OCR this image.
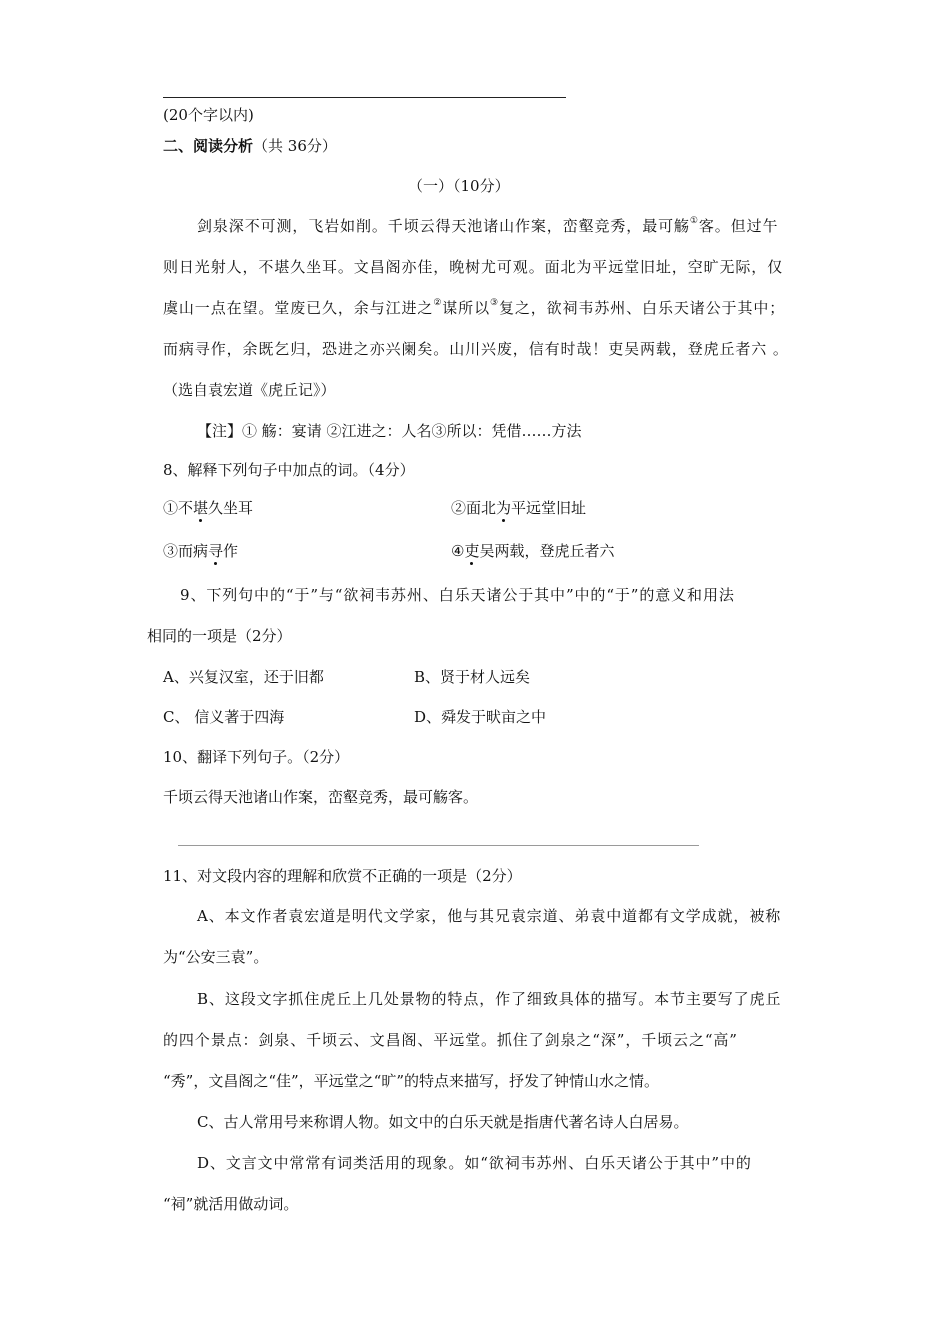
(20个字以内)
二、阅读分析（共 36分）
（一）（10分）
剑泉深不可测，飞岩如削。千顷云得天池诸山作案，峦壑竞秀，最可觞①客。但过午
则日光射人，不堪久坐耳。文昌阁亦佳，晚树尤可观。面北为平远堂旧址，空旷无际，仅
虞山一点在望。堂废已久，余与江进之②谋所以③复之，欲祠韦苏州、白乐天诸公于其中；
而病寻作，余既乞归，恐进之亦兴阑矣。山川兴废，信有时哉！吏吴两载，登虎丘者六 。
（选自袁宏道《虎丘记》）
【注】① 觞：宴请 ②江进之：人名③所以：凭借……方法
8、解释下列句子中加点的词。（4分）
①不堪久坐耳	②面北为平远堂旧址
③而病寻作	④吏吴两载，登虎丘者六
9、下列句中的“于”与“欲祠韦苏州、白乐天诸公于其中”中的“于”的意义和用法
相同的一项是（2分）
A、兴复汉室，还于旧都	B、贤于材人远矣
C、 信义著于四海	D、舜发于畎亩之中
10、翻译下列句子。（2分）
千顷云得天池诸山作案，峦壑竞秀，最可觞客。
11、对文段内容的理解和欣赏不正确的一项是（2分）
A、本文作者袁宏道是明代文学家，他与其兄袁宗道、弟袁中道都有文学成就，被称
为“公安三袁”。
B、这段文字抓住虎丘上几处景物的特点，作了细致具体的描写。本节主要写了虎丘
的四个景点：剑泉、千顷云、文昌阁、平远堂。抓住了剑泉之“深”，千顷云之“高”
“秀”，文昌阁之“佳”，平远堂之“旷”的特点来描写，抒发了钟情山水之情。
C、古人常用号来称谓人物。如文中的白乐天就是指唐代著名诗人白居易。
D、文言文中常常有词类活用的现象。如“欲祠韦苏州、白乐天诸公于其中”中的
“祠”就活用做动词。
